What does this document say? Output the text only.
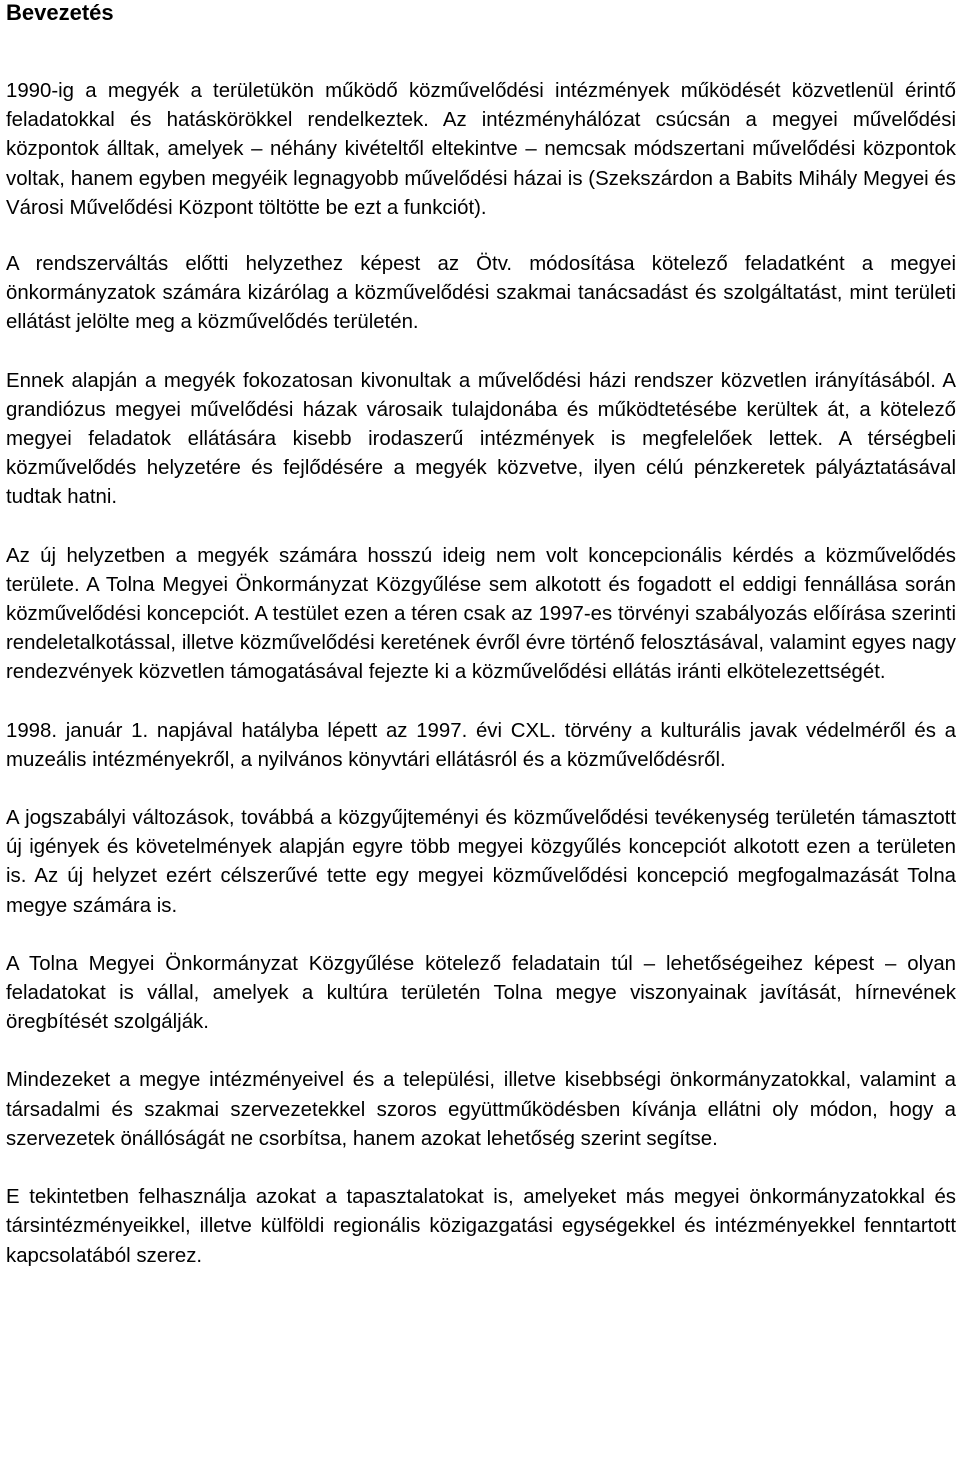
Bevezetés

1990-ig a megyék a területükön működő közművelődési intézmények működését közvetlenül érintő feladatokkal és hatáskörökkel rendelkeztek. Az intézményhálózat csúcsán a megyei művelődési központok álltak, amelyek – néhány kivételtől eltekintve – nemcsak módszertani művelődési központok voltak, hanem egyben megyéik legnagyobb művelődési házai is (Szekszárdon a Babits Mihály Megyei és Városi Művelődési Központ töltötte be ezt a funkciót).

A rendszerváltás előtti helyzethez képest az Ötv. módosítása kötelező feladatként a megyei önkormányzatok számára kizárólag a közművelődési szakmai tanácsadást és szolgáltatást, mint területi ellátást jelölte meg a közművelődés területén.

Ennek alapján a megyék fokozatosan kivonultak a művelődési házi rendszer közvetlen irányításából. A grandiózus megyei művelődési házak városaik tulajdonába és működtetésébe kerültek át, a kötelező megyei feladatok ellátására kisebb irodaszerű intézmények is megfelelőek lettek. A térségbeli közművelődés helyzetére és fejlődésére a megyék közvetve, ilyen célú pénzkeretek pályáztatásával tudtak hatni.

Az új helyzetben a megyék számára hosszú ideig nem volt koncepcionális kérdés a közművelődés területe. A Tolna Megyei Önkormányzat Közgyűlése sem alkotott és fogadott el eddigi fennállása során közművelődési koncepciót. A testület ezen a téren csak az 1997-es törvényi szabályozás előírása szerinti rendeletalkotással, illetve közművelődési keretének évről évre történő felosztásával, valamint egyes nagy rendezvények közvetlen támogatásával fejezte ki a közművelődési ellátás iránti elkötelezettségét.

1998. január 1. napjával hatályba lépett az 1997. évi CXL. törvény a kulturális javak védelméről és a muzeális intézményekről, a nyilvános könyvtári ellátásról és a közművelődésről.

A jogszabályi változások, továbbá a közgyűjteményi és közművelődési tevékenység területén támasztott új igények és követelmények alapján egyre több megyei közgyűlés koncepciót alkotott ezen a területen is. Az új helyzet ezért célszerűvé tette egy megyei közművelődési koncepció megfogalmazását Tolna megye számára is.

A Tolna Megyei Önkormányzat Közgyűlése kötelező feladatain túl – lehetőségeihez képest – olyan feladatokat is vállal, amelyek a kultúra területén Tolna megye viszonyainak javítását, hírnevének öregbítését szolgálják.

Mindezeket a megye intézményeivel és a települési, illetve kisebbségi önkormányzatokkal, valamint a társadalmi és szakmai szervezetekkel szoros együttműködésben kívánja ellátni oly módon, hogy a szervezetek önállóságát ne csorbítsa, hanem azokat lehetőség szerint segítse.

E tekintetben felhasználja azokat a tapasztalatokat is, amelyeket más megyei önkormányzatokkal és társintézményeikkel, illetve külföldi regionális közigazgatási egységekkel és intézményekkel fenntartott kapcsolatából szerez.
